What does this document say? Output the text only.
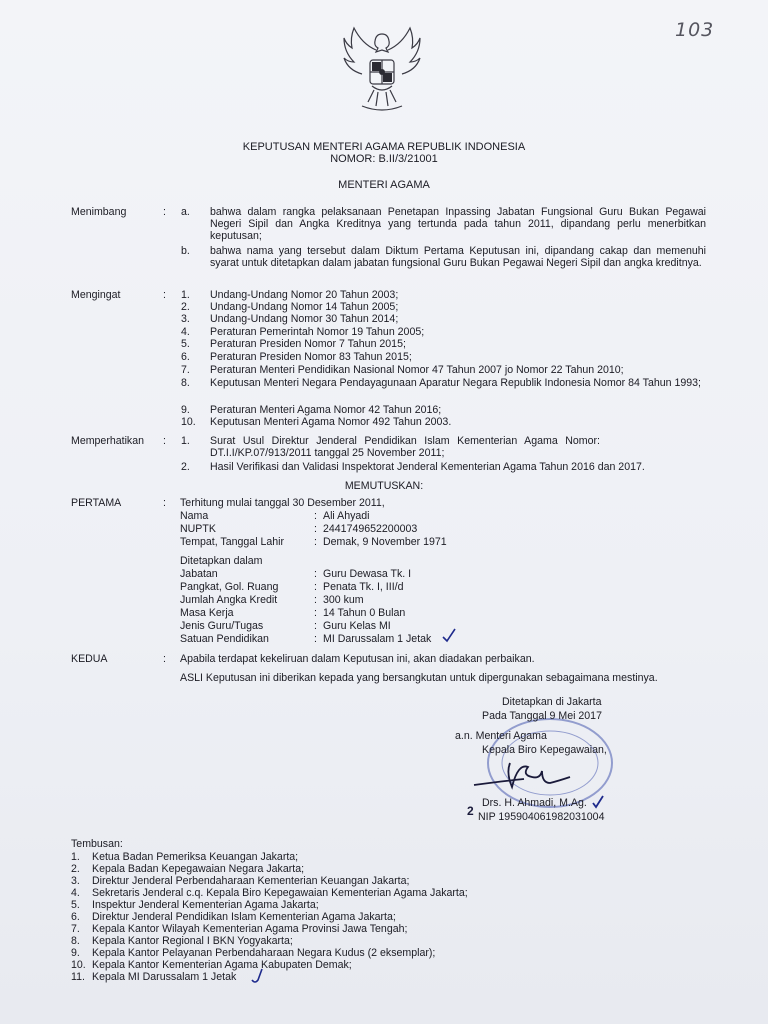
103
KEPUTUSAN MENTERI AGAMA REPUBLIK INDONESIA
NOMOR: B.II/3/21001
MENTERI AGAMA
Menimbang	: a. bahwa dalam rangka pelaksanaan Penetapan Inpassing Jabatan Fungsional Guru Bukan Pegawai Negeri Sipil dan Angka Kreditnya yang tertunda pada tahun 2011, dipandang perlu menerbitkan keputusan;
b. bahwa nama yang tersebut dalam Diktum Pertama Keputusan ini, dipandang cakap dan memenuhi syarat untuk ditetapkan dalam jabatan fungsional Guru Bukan Pegawai Negeri Sipil dan angka kreditnya.
Mengingat	: 1. Undang-Undang Nomor 20 Tahun 2003;
2. Undang-Undang Nomor 14 Tahun 2005;
3. Undang-Undang Nomor 30 Tahun 2014;
4. Peraturan Pemerintah Nomor 19 Tahun 2005;
5. Peraturan Presiden Nomor 7 Tahun 2015;
6. Peraturan Presiden Nomor 83 Tahun 2015;
7. Peraturan Menteri Pendidikan Nasional Nomor 47 Tahun 2007 jo Nomor 22 Tahun 2010;
8. Keputusan Menteri Negara Pendayagunaan Aparatur Negara Republik Indonesia Nomor 84 Tahun 1993;
9. Peraturan Menteri Agama Nomor 42 Tahun 2016;
10. Keputusan Menteri Agama Nomor 492 Tahun 2003.
Memperhatikan : 1. Surat Usul Direktur Jenderal Pendidikan Islam Kementerian Agama Nomor: DT.I.I/KP.07/913/2011 tanggal 25 November 2011;
2. Hasil Verifikasi dan Validasi Inspektorat Jenderal Kementerian Agama Tahun 2016 dan 2017.
MEMUTUSKAN:
PERTAMA	: Terhitung mulai tanggal 30 Desember 2011,
Nama	: Ali Ahyadi
NUPTK	: 2441749652200003
Tempat, Tanggal Lahir	: Demak, 9 November 1971
Ditetapkan dalam
Jabatan	: Guru Dewasa Tk. I
Pangkat, Gol. Ruang	: Penata Tk. I, III/d
Jumlah Angka Kredit	: 300 kum
Masa Kerja	: 14 Tahun 0 Bulan
Jenis Guru/Tugas	: Guru Kelas MI
Satuan Pendidikan	: MI Darussalam 1 Jetak
KEDUA	: Apabila terdapat kekeliruan dalam Keputusan ini, akan diadakan perbaikan.
ASLI Keputusan ini diberikan kepada yang bersangkutan untuk dipergunakan sebagaimana mestinya.
Ditetapkan di Jakarta
Pada Tanggal 9 Mei 2017
a.n. Menteri Agama
Kepala Biro Kepegawaian,
Drs. H. Ahmadi, M.Ag.
2 NIP 195904061982031004
Tembusan:
1. Ketua Badan Pemeriksa Keuangan Jakarta;
2. Kepala Badan Kepegawaian Negara Jakarta;
3. Direktur Jenderal Perbendaharaan Kementerian Keuangan Jakarta;
4. Sekretaris Jenderal c.q. Kepala Biro Kepegawaian Kementerian Agama Jakarta;
5. Inspektur Jenderal Kementerian Agama Jakarta;
6. Direktur Jenderal Pendidikan Islam Kementerian Agama Jakarta;
7. Kepala Kantor Wilayah Kementerian Agama Provinsi Jawa Tengah;
8. Kepala Kantor Regional I BKN Yogyakarta;
9. Kepala Kantor Pelayanan Perbendaharaan Negara Kudus (2 eksemplar);
10. Kepala Kantor Kementerian Agama Kabupaten Demak;
11. Kepala MI Darussalam 1 Jetak
